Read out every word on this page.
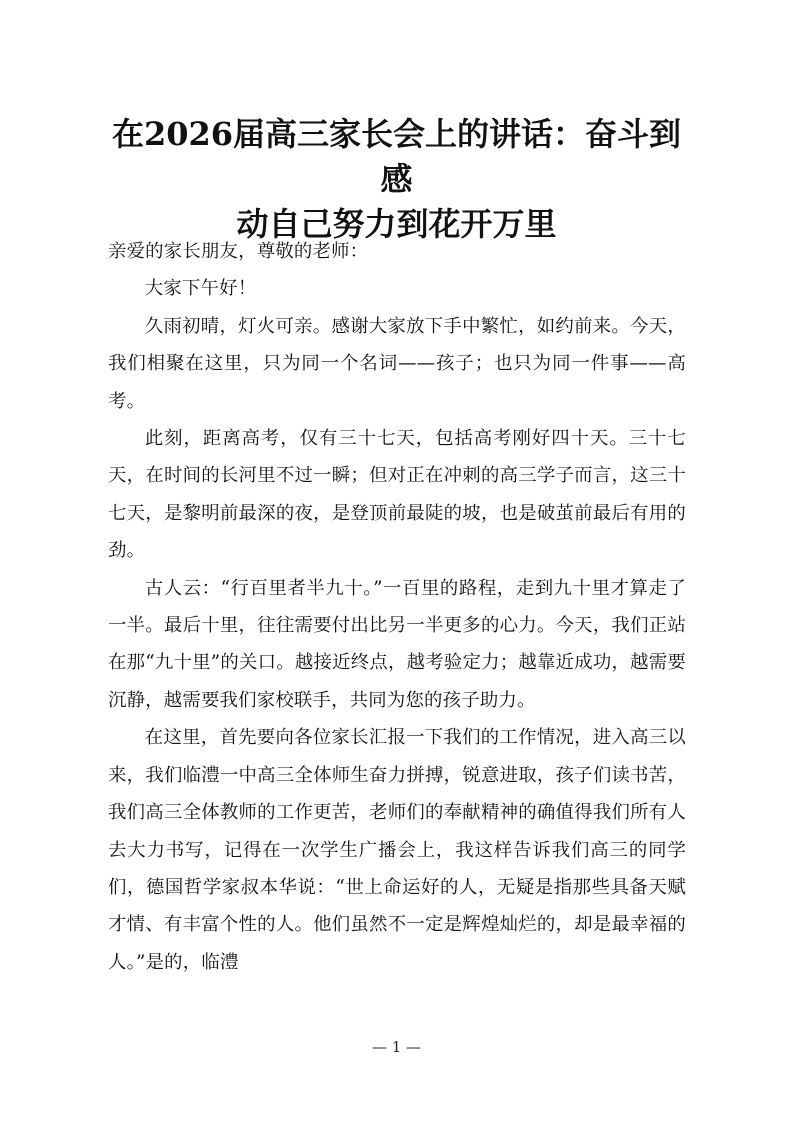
在2026届高三家长会上的讲话：奋斗到感
动自己努力到花开万里

亲爱的家长朋友，尊敬的老师：

大家下午好！

久雨初晴，灯火可亲。感谢大家放下手中繁忙，如约前来。今天，我们相聚在这里，只为同一个名词——孩子；也只为同一件事——高考。

此刻，距离高考，仅有三十七天，包括高考刚好四十天。三十七天，在时间的长河里不过一瞬；但对正在冲刺的高三学子而言，这三十七天，是黎明前最深的夜，是登顶前最陡的坡，也是破茧前最后有用的劲。

古人云：“行百里者半九十。”一百里的路程，走到九十里才算走了一半。最后十里，往往需要付出比另一半更多的心力。今天，我们正站在那“九十里”的关口。越接近终点，越考验定力；越靠近成功，越需要沉静，越需要我们家校联手，共同为您的孩子助力。

在这里，首先要向各位家长汇报一下我们的工作情况，进入高三以来，我们临澧一中高三全体师生奋力拼搏，锐意进取，孩子们读书苦，我们高三全体教师的工作更苦，老师们的奉献精神的确值得我们所有人去大力书写，记得在一次学生广播会上，我这样告诉我们高三的同学们，德国哲学家叔本华说：“世上命运好的人，无疑是指那些具备天赋才情、有丰富个性的人。他们虽然不一定是辉煌灿烂的，却是最幸福的人。”是的，临澧

— 1 —
